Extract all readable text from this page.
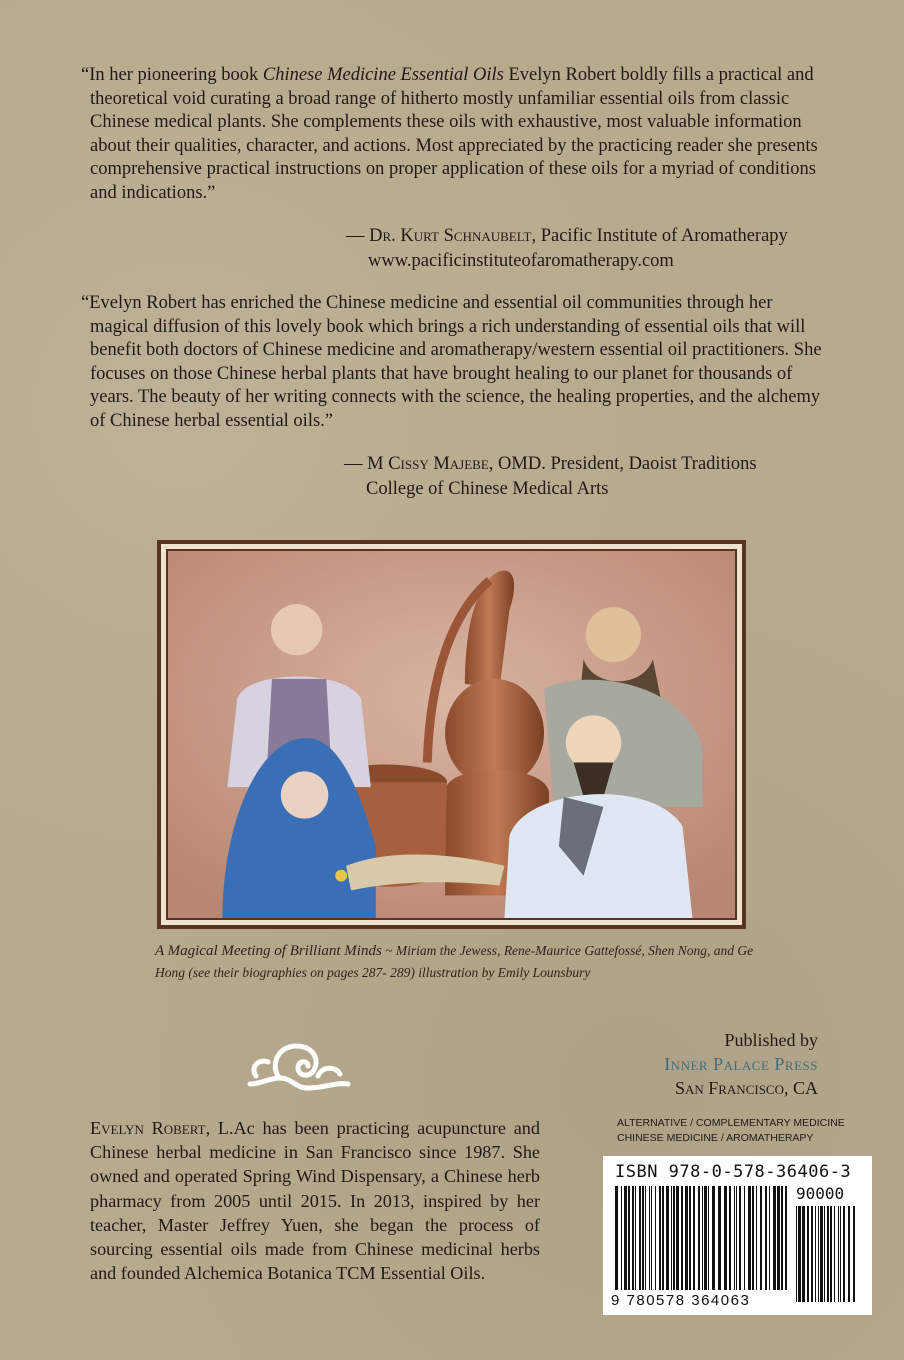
“In her pioneering book Chinese Medicine Essential Oils Evelyn Robert boldly fills a practical and theoretical void curating a broad range of hitherto mostly unfamiliar essential oils from classic Chinese medical plants. She complements these oils with exhaustive, most valuable information about their qualities, character, and actions. Most appreciated by the practicing reader she presents comprehensive practical instructions on proper application of these oils for a myriad of conditions and indications.”

— Dr. Kurt Schnaubelt, Pacific Institute of Aromatherapy
www.pacificinstituteofaromatherapy.com

“Evelyn Robert has enriched the Chinese medicine and essential oil communities through her magical diffusion of this lovely book which brings a rich understanding of essential oils that will benefit both doctors of Chinese medicine and aromatherapy/western essential oil practitioners. She focuses on those Chinese herbal plants that have brought healing to our planet for thousands of years. The beauty of her writing connects with the science, the healing properties, and the alchemy of Chinese herbal essential oils.”

— M Cissy Majebe, OMD. President, Daoist Traditions
College of Chinese Medical Arts
A Magical Meeting of Brilliant Minds ~ Miriam the Jewess, Rene-Maurice Gattefossé, Shen Nong, and Ge Hong (see their biographies on pages 287- 289) illustration by Emily Lounsbury
Published by
Inner Palace Press
San Francisco, CA
ALTERNATIVE / COMPLEMENTARY MEDICINE
CHINESE MEDICINE / AROMATHERAPY
Evelyn Robert, L.Ac has been practicing acupuncture and Chinese herbal medicine in San Francisco since 1987. She owned and operated Spring Wind Dispensary, a Chinese herb pharmacy from 2005 until 2015. In 2013, inspired by her teacher, Master Jeffrey Yuen, she began the process of sourcing essential oils made from Chinese medicinal herbs and founded Alchemica Botanica TCM Essential Oils.
ISBN 978-0-578-36406-3
90000
9 780578 364063
